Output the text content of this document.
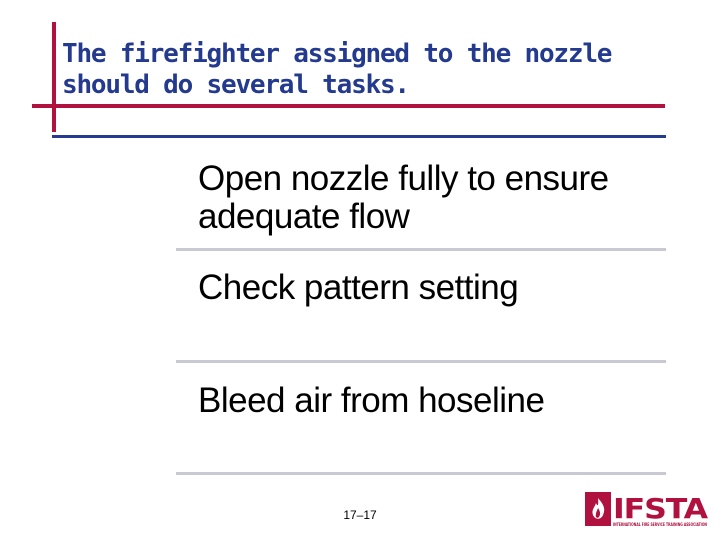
The firefighter assigned to the nozzle
should do several tasks.

Open nozzle fully to ensure
adequate flow

Check pattern setting

Bleed air from hoseline

17–17	IFSTA
INTERNATIONAL FIRE SERVICE TRAINING ASSOCIATION
